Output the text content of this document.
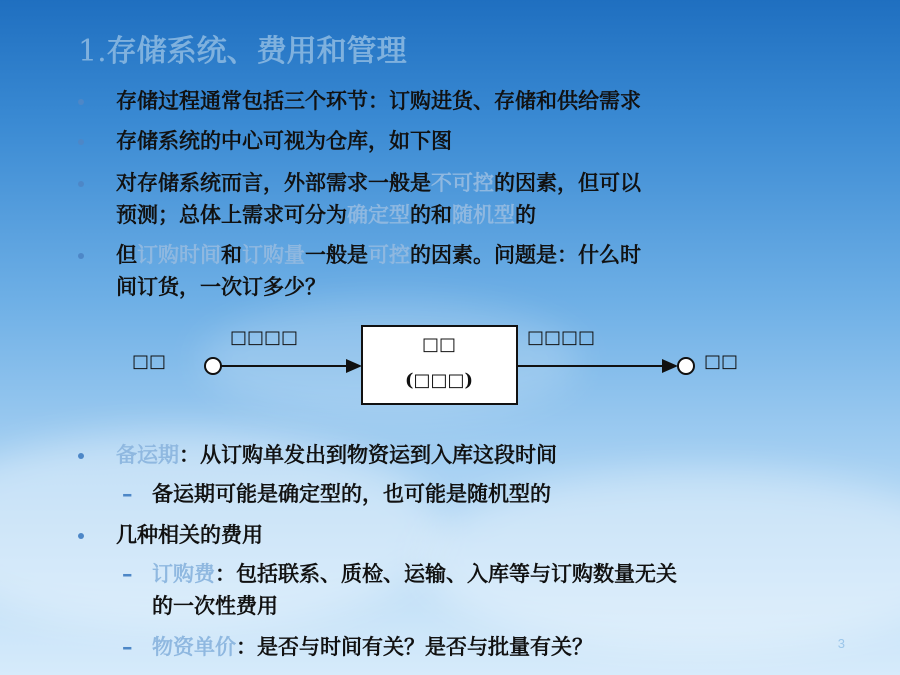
1.存储系统、费用和管理
存储过程通常包括三个环节：订购进货、存储和供给需求
存储系统的中心可视为仓库，如下图
对存储系统而言，外部需求一般是不可控的因素，但可以
预测；总体上需求可分为确定型的和随机型的
但订购时间和订购量一般是可控的因素。问题是：什么时
间订货，一次订多少？
□□
□□□□	□□
(□□□)
□□□□
□□
备运期：从订购单发出到物资运到入库这段时间
– 备运期可能是确定型的，也可能是随机型的
几种相关的费用
– 订购费：包括联系、质检、运输、入库等与订购数量无关
的一次性费用
– 物资单价：是否与时间有关？是否与批量有关？	3
